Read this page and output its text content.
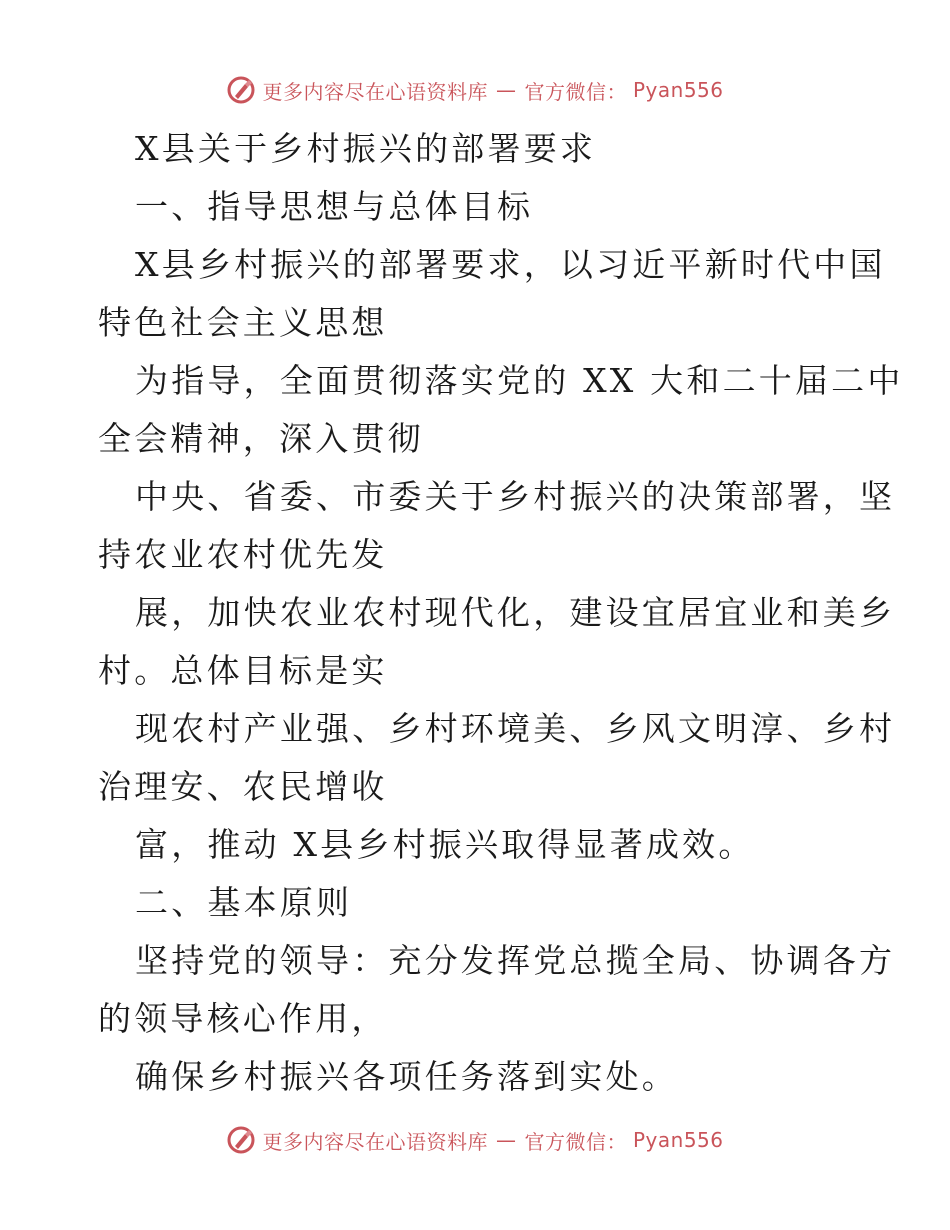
更多内容尽在心语资料库 — 官方微信： Pyan556
X县关于乡村振兴的部署要求
一、指导思想与总体目标
X县乡村振兴的部署要求，以习近平新时代中国
特色社会主义思想
为指导，全面贯彻落实党的 XX 大和二十届二中
全会精神，深入贯彻
中央、省委、市委关于乡村振兴的决策部署，坚
持农业农村优先发
展，加快农业农村现代化，建设宜居宜业和美乡
村。总体目标是实
现农村产业强、乡村环境美、乡风文明淳、乡村
治理安、农民增收
富，推动 X县乡村振兴取得显著成效。
二、基本原则
坚持党的领导：充分发挥党总揽全局、协调各方
的领导核心作用，
确保乡村振兴各项任务落到实处。
更多内容尽在心语资料库 — 官方微信： Pyan556
